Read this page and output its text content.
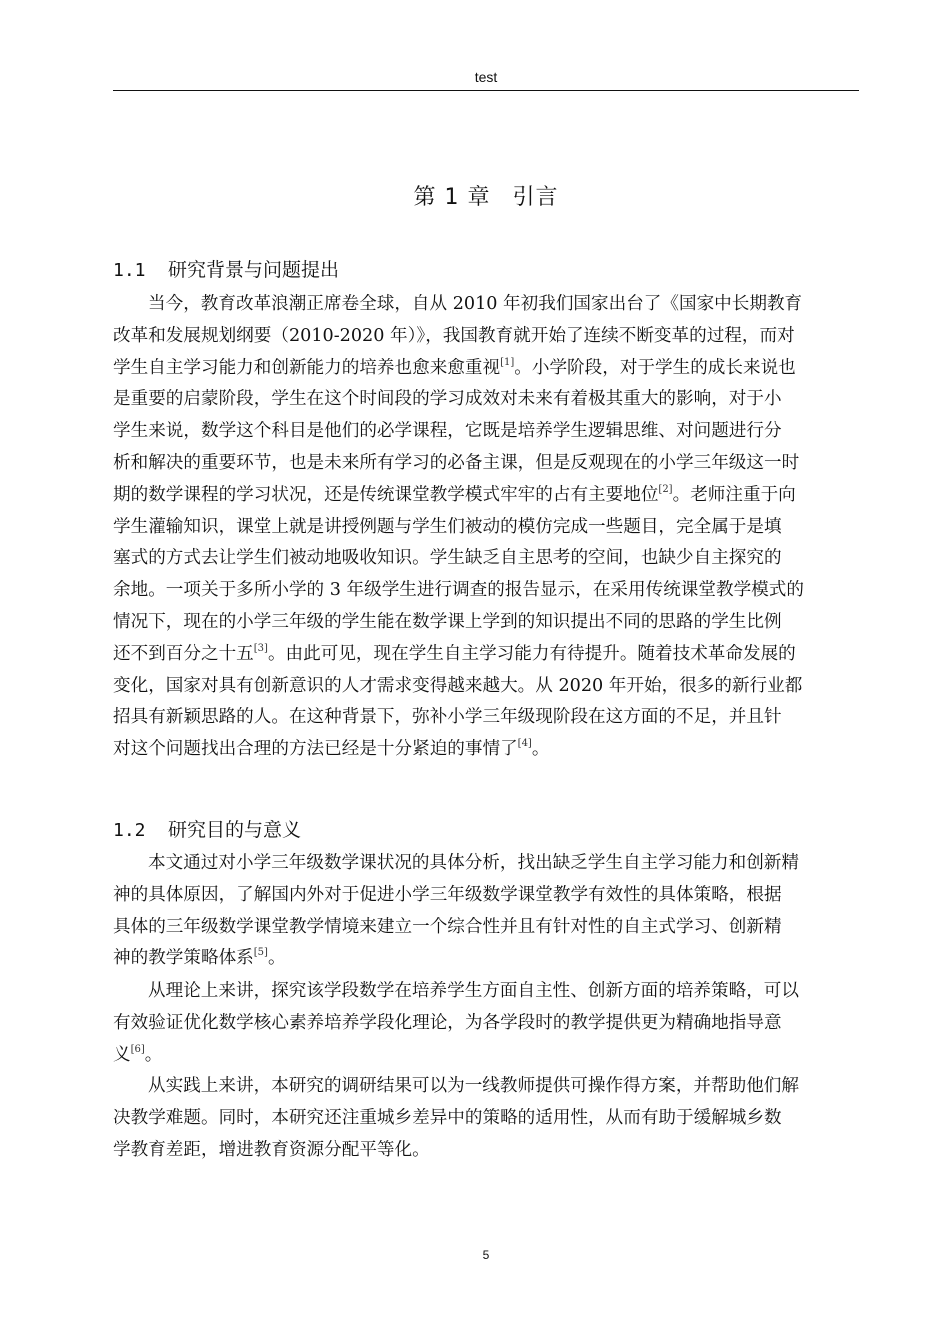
test
第 1 章 引言
1.1 研究背景与问题提出
当今，教育改革浪潮正席卷全球，自从 2010 年初我们国家出台了《国家中长期教育
改革和发展规划纲要（2010-2020 年）》，我国教育就开始了连续不断变革的过程，而对
学生自主学习能力和创新能力的培养也愈来愈重视[1]。小学阶段，对于学生的成长来说也
是重要的启蒙阶段，学生在这个时间段的学习成效对未来有着极其重大的影响，对于小
学生来说，数学这个科目是他们的必学课程，它既是培养学生逻辑思维、对问题进行分
析和解决的重要环节，也是未来所有学习的必备主课，但是反观现在的小学三年级这一时
期的数学课程的学习状况，还是传统课堂教学模式牢牢的占有主要地位[2]。老师注重于向
学生灌输知识，课堂上就是讲授例题与学生们被动的模仿完成一些题目，完全属于是填
塞式的方式去让学生们被动地吸收知识。学生缺乏自主思考的空间，也缺少自主探究的
余地。一项关于多所小学的 3 年级学生进行调查的报告显示，在采用传统课堂教学模式的
情况下，现在的小学三年级的学生能在数学课上学到的知识提出不同的思路的学生比例
还不到百分之十五[3]。由此可见，现在学生自主学习能力有待提升。随着技术革命发展的
变化，国家对具有创新意识的人才需求变得越来越大。从 2020 年开始，很多的新行业都
招具有新颖思路的人。在这种背景下，弥补小学三年级现阶段在这方面的不足，并且针
对这个问题找出合理的方法已经是十分紧迫的事情了[4]。
1.2 研究目的与意义
本文通过对小学三年级数学课状况的具体分析，找出缺乏学生自主学习能力和创新精
神的具体原因，了解国内外对于促进小学三年级数学课堂教学有效性的具体策略，根据
具体的三年级数学课堂教学情境来建立一个综合性并且有针对性的自主式学习、创新精
神的教学策略体系[5]。
从理论上来讲，探究该学段数学在培养学生方面自主性、创新方面的培养策略，可以
有效验证优化数学核心素养培养学段化理论，为各学段时的教学提供更为精确地指导意
义[6]。
从实践上来讲，本研究的调研结果可以为一线教师提供可操作得方案，并帮助他们解
决教学难题。同时，本研究还注重城乡差异中的策略的适用性，从而有助于缓解城乡数
学教育差距，增进教育资源分配平等化。
5
